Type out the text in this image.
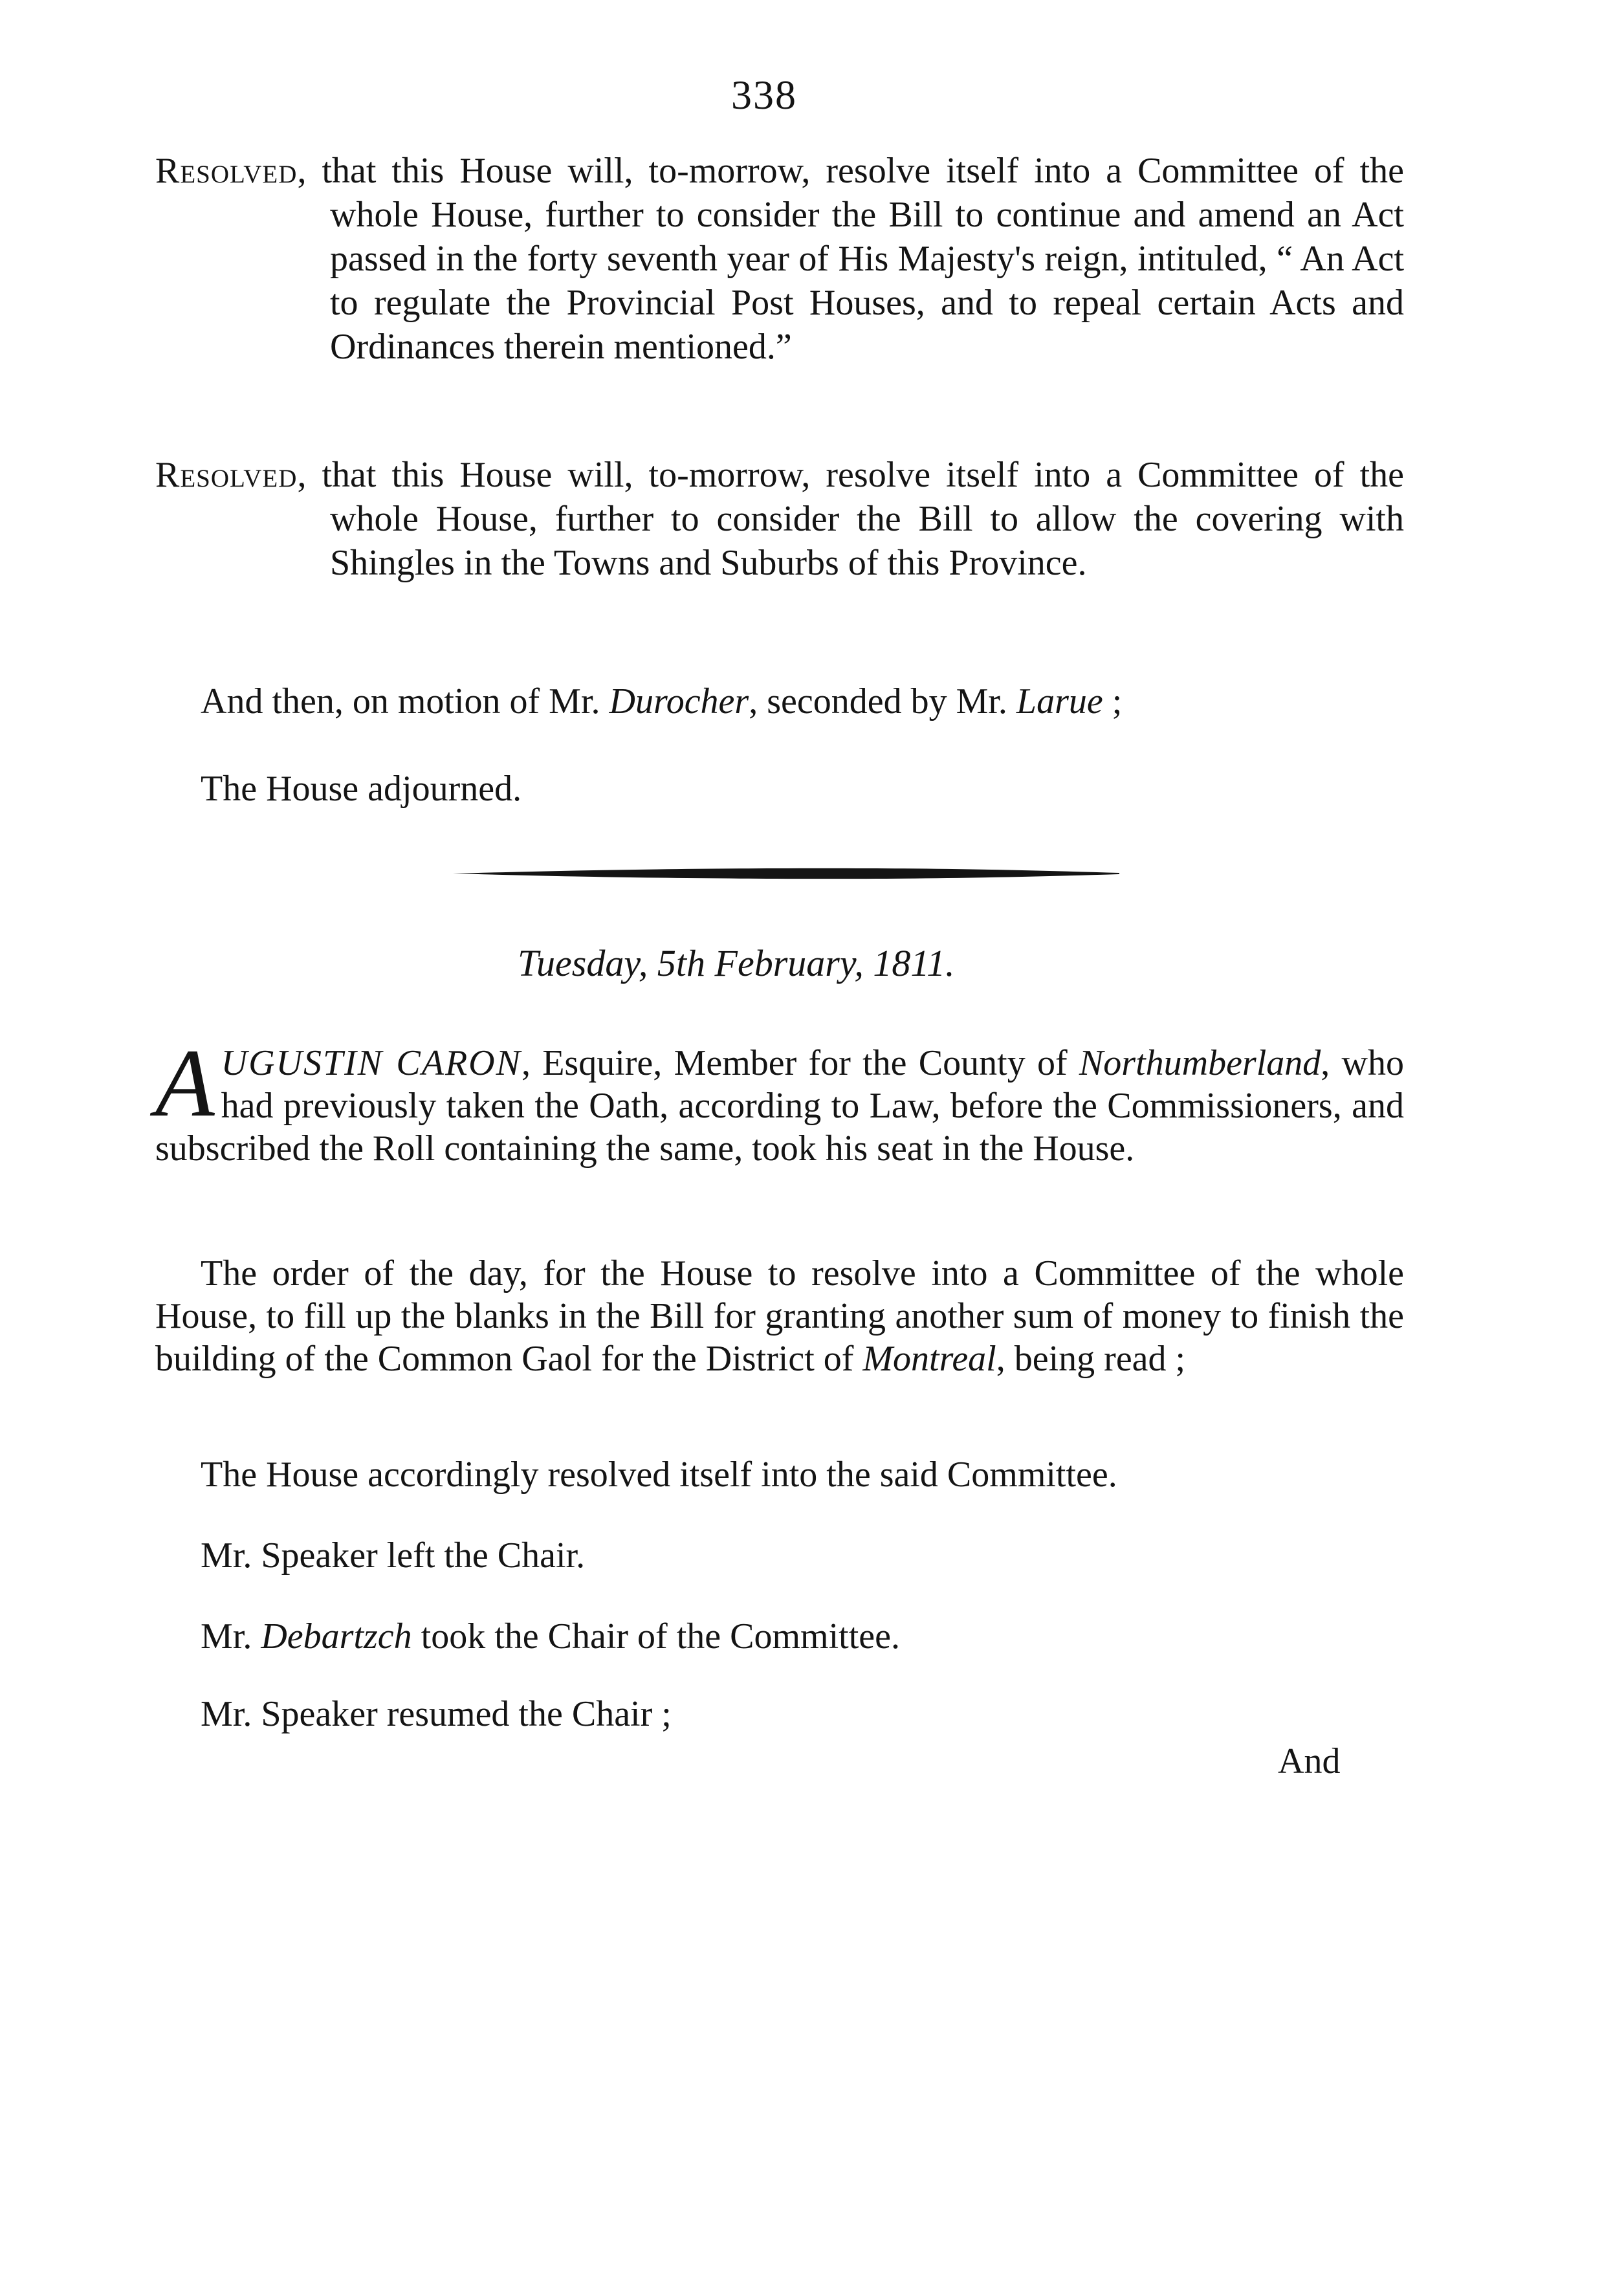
338
Resolved, that this House will, to-morrow, resolve itself into a Committee of the whole House, further to consider the Bill to continue and amend an Act passed in the forty seventh year of His Majesty's reign, intituled, “ An Act to regulate the Provincial Post Houses, and to repeal certain Acts and Ordinances therein mentioned.”
Resolved, that this House will, to-morrow, resolve itself into a Committee of the whole House, further to consider the Bill to allow the covering with Shingles in the Towns and Suburbs of this Province.
And then, on motion of Mr. Durocher, seconded by Mr. Larue ;
The House adjourned.
Tuesday, 5th February, 1811.
AUGUSTIN CARON, Esquire, Member for the County of Northumberland, who had previously taken the Oath, according to Law, before the Commissioners, and subscribed the Roll containing the same, took his seat in the House.
The order of the day, for the House to resolve into a Committee of the whole House, to fill up the blanks in the Bill for granting another sum of money to finish the building of the Common Gaol for the District of Montreal, being read ;
The House accordingly resolved itself into the said Committee.
Mr. Speaker left the Chair.
Mr. Debartzch took the Chair of the Committee.
Mr. Speaker resumed the Chair ;
And
